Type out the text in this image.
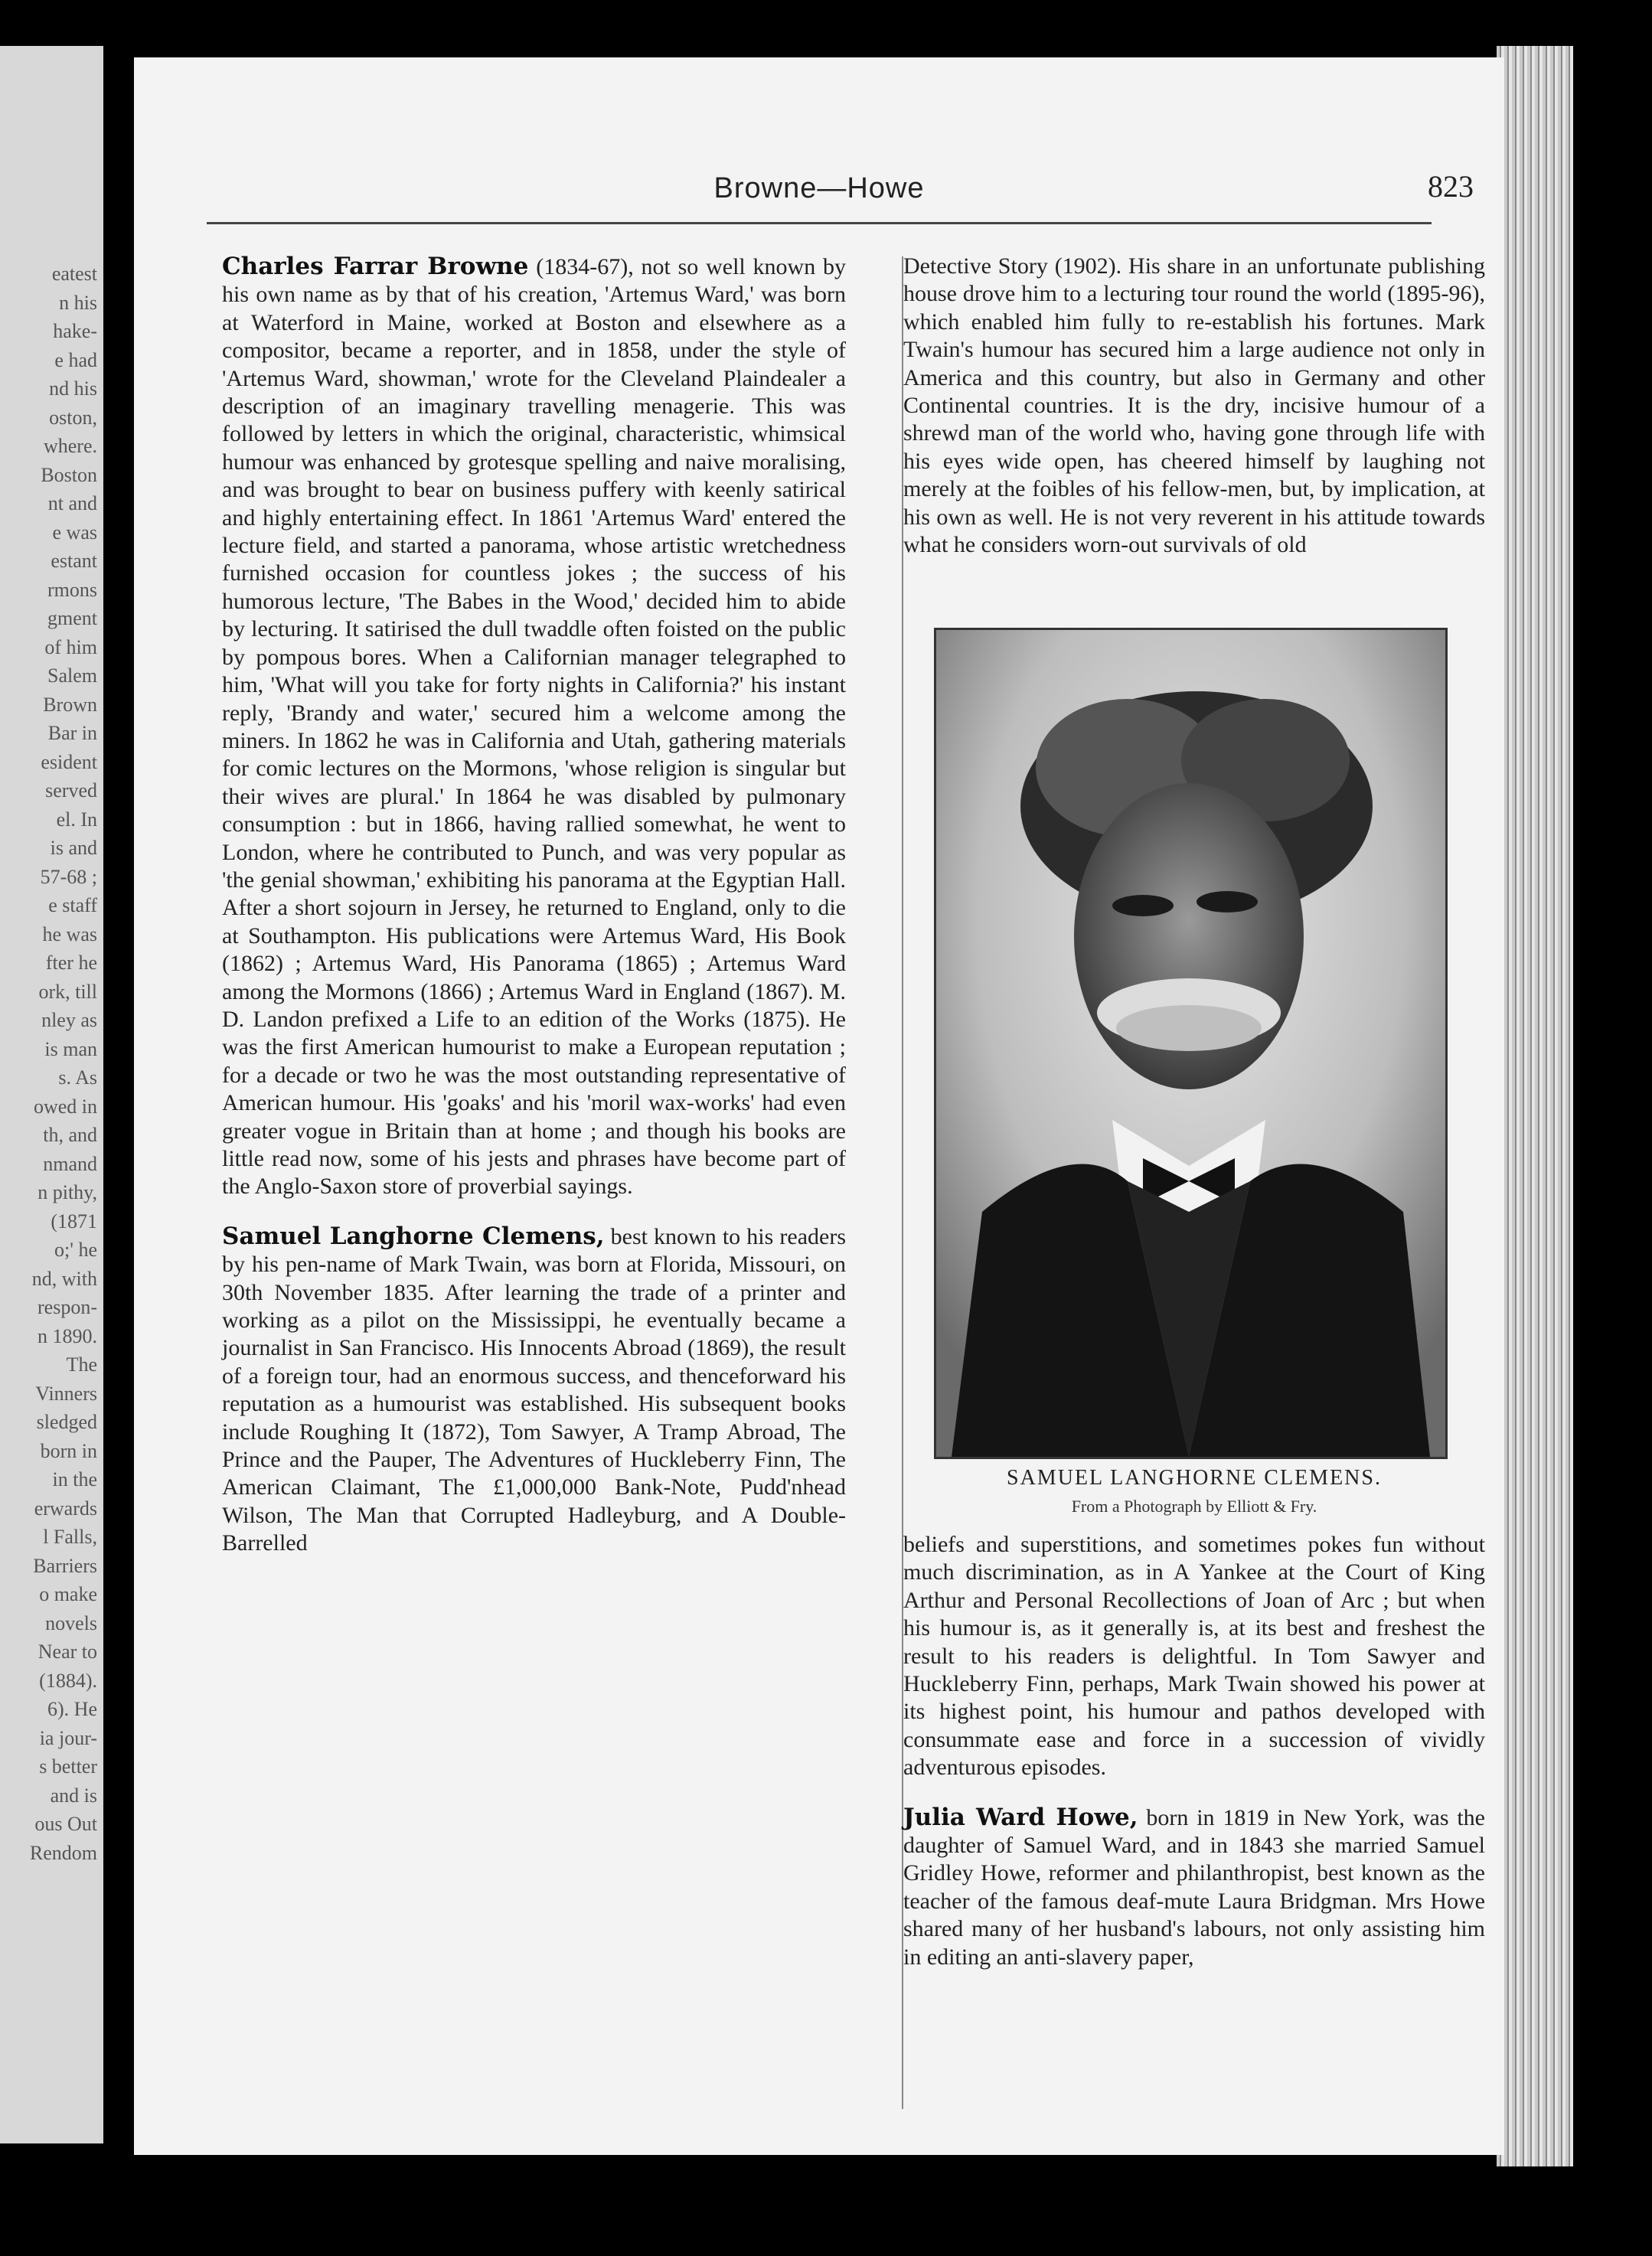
eatest
n his
hake-
e had
nd his
oston,
where.
Boston
nt and
e was
estant
rmons
gment
of him
Salem
Brown
Bar in
esident
served
el. In
is and
57-68 ;
e staff
he was
fter he
ork, till
nley as
is man
s. As
owed in
th, and
nmand
n pithy,
(1871
o;' he
nd, with
respon-
n 1890.
The
Vinners
sledged
born in
in the
erwards
l Falls,
Barriers
o make
novels
Near to
(1884).
6). He
ia jour-
s better
and is
ous Out
Rendom
Browne—Howe	823

Charles Farrar Browne (1834-67), not so well known by his own name as by that of his creation, 'Artemus Ward,' was born at Waterford in Maine, worked at Boston and elsewhere as a compositor, became a reporter, and in 1858, under the style of 'Artemus Ward, showman,' wrote for the Cleveland Plaindealer a description of an imaginary travelling menagerie. This was followed by letters in which the original, characteristic, whimsical humour was enhanced by grotesque spelling and naive moralising, and was brought to bear on business puffery with keenly satirical and highly entertaining effect. In 1861 'Artemus Ward' entered the lecture field, and started a panorama, whose artistic wretchedness furnished occasion for countless jokes ; the success of his humorous lecture, 'The Babes in the Wood,' decided him to abide by lecturing. It satirised the dull twaddle often foisted on the public by pompous bores. When a Californian manager telegraphed to him, 'What will you take for forty nights in California?' his instant reply, 'Brandy and water,' secured him a welcome among the miners. In 1862 he was in California and Utah, gathering materials for comic lectures on the Mormons, 'whose religion is singular but their wives are plural.' In 1864 he was disabled by pulmonary consumption : but in 1866, having rallied somewhat, he went to London, where he contributed to Punch, and was very popular as 'the genial showman,' exhibiting his panorama at the Egyptian Hall. After a short sojourn in Jersey, he returned to England, only to die at Southampton. His publications were Artemus Ward, His Book (1862) ; Artemus Ward, His Panorama (1865) ; Artemus Ward among the Mormons (1866) ; Artemus Ward in England (1867). M. D. Landon prefixed a Life to an edition of the Works (1875). He was the first American humourist to make a European reputation ; for a decade or two he was the most outstanding representative of American humour. His 'goaks' and his 'moril wax-works' had even greater vogue in Britain than at home ; and though his books are little read now, some of his jests and phrases have become part of the Anglo-Saxon store of proverbial sayings.

Samuel Langhorne Clemens, best known to his readers by his pen-name of Mark Twain, was born at Florida, Missouri, on 30th November 1835. After learning the trade of a printer and working as a pilot on the Mississippi, he eventually became a journalist in San Francisco. His Innocents Abroad (1869), the result of a foreign tour, had an enormous success, and thenceforward his reputation as a humourist was established. His subsequent books include Roughing It (1872), Tom Sawyer, A Tramp Abroad, The Prince and the Pauper, The Adventures of Huckleberry Finn, The American Claimant, The £1,000,000 Bank-Note, Pudd'nhead Wilson, The Man that Corrupted Hadleyburg, and A Double-Barrelled

Detective Story (1902). His share in an unfortunate publishing house drove him to a lecturing tour round the world (1895-96), which enabled him fully to re-establish his fortunes. Mark Twain's humour has secured him a large audience not only in America and this country, but also in Germany and other Continental countries. It is the dry, incisive humour of a shrewd man of the world who, having gone through life with his eyes wide open, has cheered himself by laughing not merely at the foibles of his fellow-men, but, by implication, at his own as well. He is not very reverent in his attitude towards what he considers worn-out survivals of old

SAMUEL LANGHORNE CLEMENS.
From a Photograph by Elliott & Fry.

beliefs and superstitions, and sometimes pokes fun without much discrimination, as in A Yankee at the Court of King Arthur and Personal Recollections of Joan of Arc ; but when his humour is, as it generally is, at its best and freshest the result to his readers is delightful. In Tom Sawyer and Huckleberry Finn, perhaps, Mark Twain showed his power at its highest point, his humour and pathos developed with consummate ease and force in a succession of vividly adventurous episodes.

Julia Ward Howe, born in 1819 in New York, was the daughter of Samuel Ward, and in 1843 she married Samuel Gridley Howe, reformer and philanthropist, best known as the teacher of the famous deaf-mute Laura Bridgman. Mrs Howe shared many of her husband's labours, not only assisting him in editing an anti-slavery paper,
